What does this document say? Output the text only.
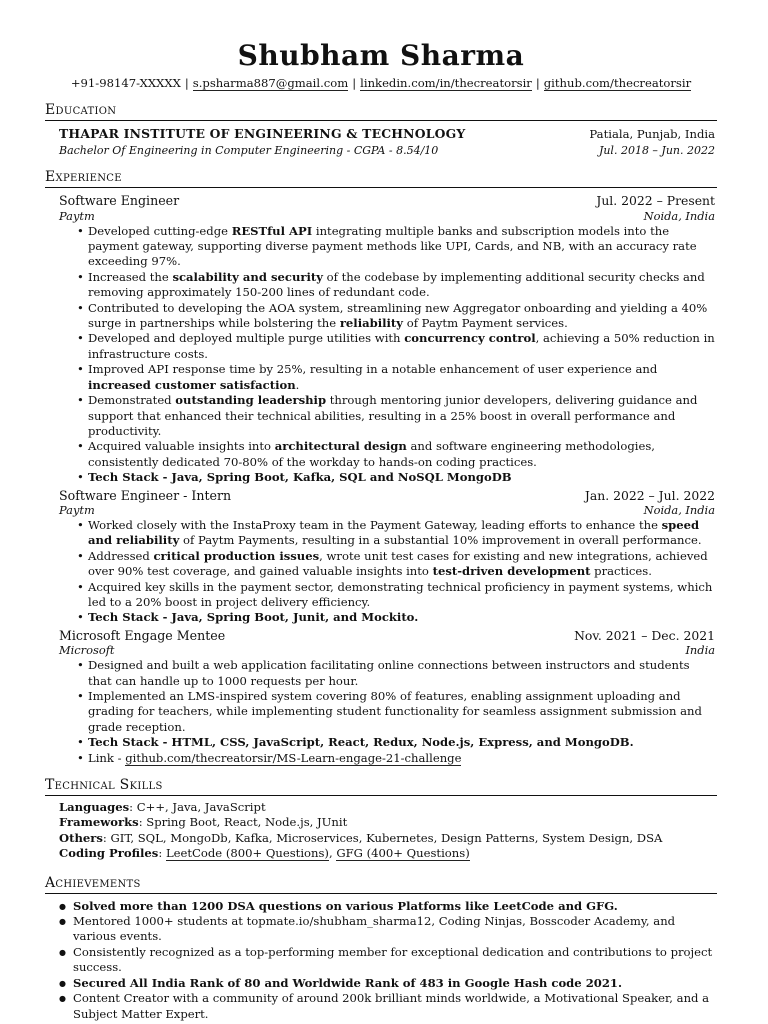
Shubham Sharma
+91-98147-XXXXX | s.psharma887@gmail.com | linkedin.com/in/thecreatorsir | github.com/thecreatorsir
Education
THAPAR INSTITUTE OF ENGINEERING & TECHNOLOGY	Patiala, Punjab, India
Bachelor Of Engineering in Computer Engineering - CGPA - 8.54/10	Jul. 2018 – Jun. 2022
Experience
Software Engineer	Jul. 2022 – Present
Paytm	Noida, India
• Developed cutting-edge RESTful API integrating multiple banks and subscription models into the payment gateway, supporting diverse payment methods like UPI, Cards, and NB, with an accuracy rate exceeding 97%.
• Increased the scalability and security of the codebase by implementing additional security checks and removing approximately 150-200 lines of redundant code.
• Contributed to developing the AOA system, streamlining new Aggregator onboarding and yielding a 40% surge in partnerships while bolstering the reliability of Paytm Payment services.
• Developed and deployed multiple purge utilities with concurrency control, achieving a 50% reduction in infrastructure costs.
• Improved API response time by 25%, resulting in a notable enhancement of user experience and increased customer satisfaction.
• Demonstrated outstanding leadership through mentoring junior developers, delivering guidance and support that enhanced their technical abilities, resulting in a 25% boost in overall performance and productivity.
• Acquired valuable insights into architectural design and software engineering methodologies, consistently dedicated 70-80% of the workday to hands-on coding practices.
• Tech Stack - Java, Spring Boot, Kafka, SQL and NoSQL MongoDB
Software Engineer - Intern	Jan. 2022 – Jul. 2022
Paytm	Noida, India
• Worked closely with the InstaProxy team in the Payment Gateway, leading efforts to enhance the speed and reliability of Paytm Payments, resulting in a substantial 10% improvement in overall performance.
• Addressed critical production issues, wrote unit test cases for existing and new integrations, achieved over 90% test coverage, and gained valuable insights into test-driven development practices.
• Acquired key skills in the payment sector, demonstrating technical proficiency in payment systems, which led to a 20% boost in project delivery efficiency.
• Tech Stack - Java, Spring Boot, Junit, and Mockito.
Microsoft Engage Mentee	Nov. 2021 – Dec. 2021
Microsoft	India
• Designed and built a web application facilitating online connections between instructors and students that can handle up to 1000 requests per hour.
• Implemented an LMS-inspired system covering 80% of features, enabling assignment uploading and grading for teachers, while implementing student functionality for seamless assignment submission and grade reception.
• Tech Stack - HTML, CSS, JavaScript, React, Redux, Node.js, Express, and MongoDB.
• Link - github.com/thecreatorsir/MS-Learn-engage-21-challenge
Technical Skills
Languages: C++, Java, JavaScript
Frameworks: Spring Boot, React, Node.js, JUnit
Others: GIT, SQL, MongoDb, Kafka, Microservices, Kubernetes, Design Patterns, System Design, DSA
Coding Profiles: LeetCode (800+ Questions), GFG (400+ Questions)
Achievements
● Solved more than 1200 DSA questions on various Platforms like LeetCode and GFG.
● Mentored 1000+ students at topmate.io/shubham_sharma12, Coding Ninjas, Bosscoder Academy, and various events.
● Consistently recognized as a top-performing member for exceptional dedication and contributions to project success.
● Secured All India Rank of 80 and Worldwide Rank of 483 in Google Hash code 2021.
● Content Creator with a community of around 200k brilliant minds worldwide, a Motivational Speaker, and a Subject Matter Expert.
